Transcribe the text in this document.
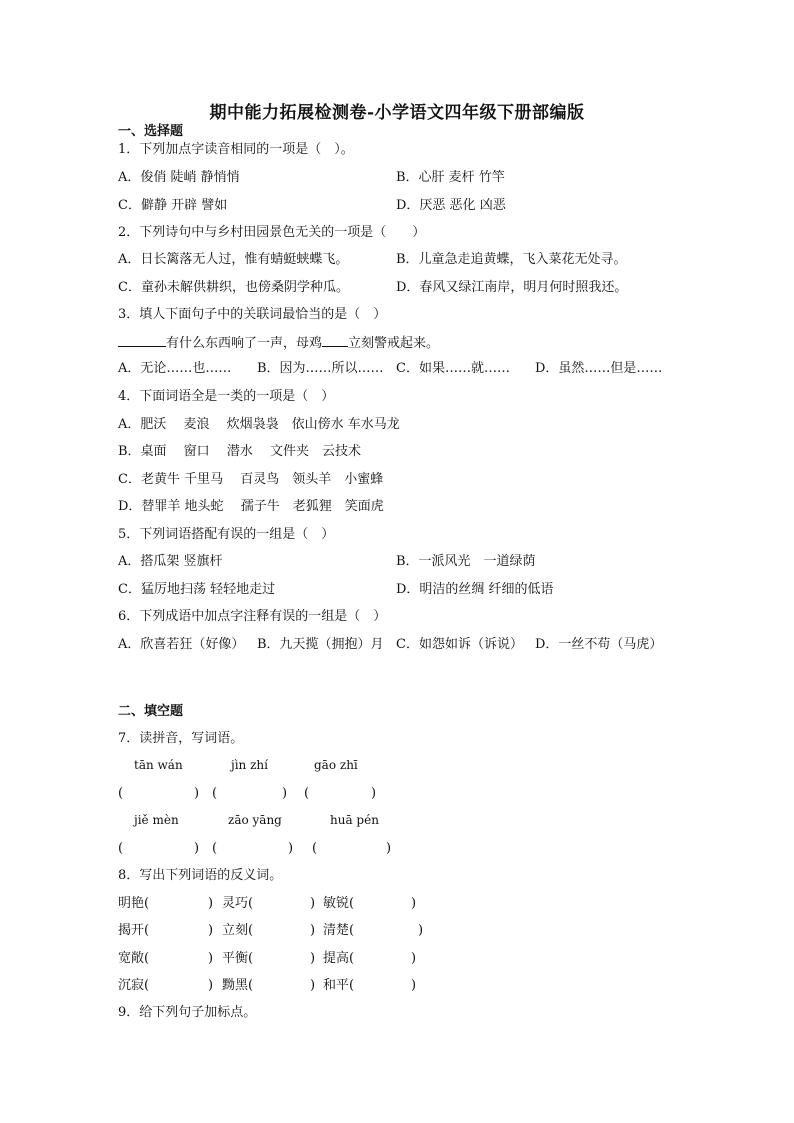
期中能力拓展检测卷-小学语文四年级下册部编版
一、选择题
1．下列加点字读音相同的一项是（　）。
A．俊俏 陡峭 静悄悄	B．心肝 麦杆 竹竿
C．僻静 开辟 譬如	D．厌恶 恶化 凶恶
2．下列诗句中与乡村田园景色无关的一项是（　　）
A．日长篱落无人过，惟有蜻蜓蛱蝶飞。	B．儿童急走追黄蝶，飞入菜花无处寻。
C．童孙未解供耕织，也傍桑阴学种瓜。	D．春风又绿江南岸，明月何时照我还。
3．填人下面句子中的关联词最恰当的是（　）
有什么东西响了一声，母鸡 立刻警戒起来。
A．无论……也…… B．因为……所以…… C．如果……就…… D．虽然……但是……
4．下面词语全是一类的一项是（　）
A．肥沃　 麦浪　 炊烟袅袅　依山傍水 车水马龙
B．桌面　 窗口　 潜水　 文件夹　云技术
C．老黄牛 千里马　 百灵鸟　领头羊　小蜜蜂
D．替罪羊 地头蛇　 孺子牛　老狐狸　笑面虎
5．下列词语搭配有误的一组是（　）
A．搭瓜架 竖旗杆	B．一派风光　一道绿荫
C．猛厉地扫荡 轻轻地走过	D．明洁的丝绸 纤细的低语
6．下列成语中加点字注释有误的一组是（　）
A．欣喜若狂（好像） B．九天揽（拥抱）月 C．如怨如诉（诉说） D．一丝不苟（马虎）
二、填空题
7．读拼音，写词语。
tān wán	jìn zhí	gāo zhī
(	) (	) (	)
jiě mèn	zāo yāng	huā pén
(	) (	) (	)
8．写出下列词语的反义词。
明艳(	) 灵巧(	) 敏锐(	)
揭开(	) 立刻(	) 清楚(	)
宽敞(	) 平衡(	) 提高(	)
沉寂(	) 黝黑(	) 和平(	)
9．给下列句子加标点。
